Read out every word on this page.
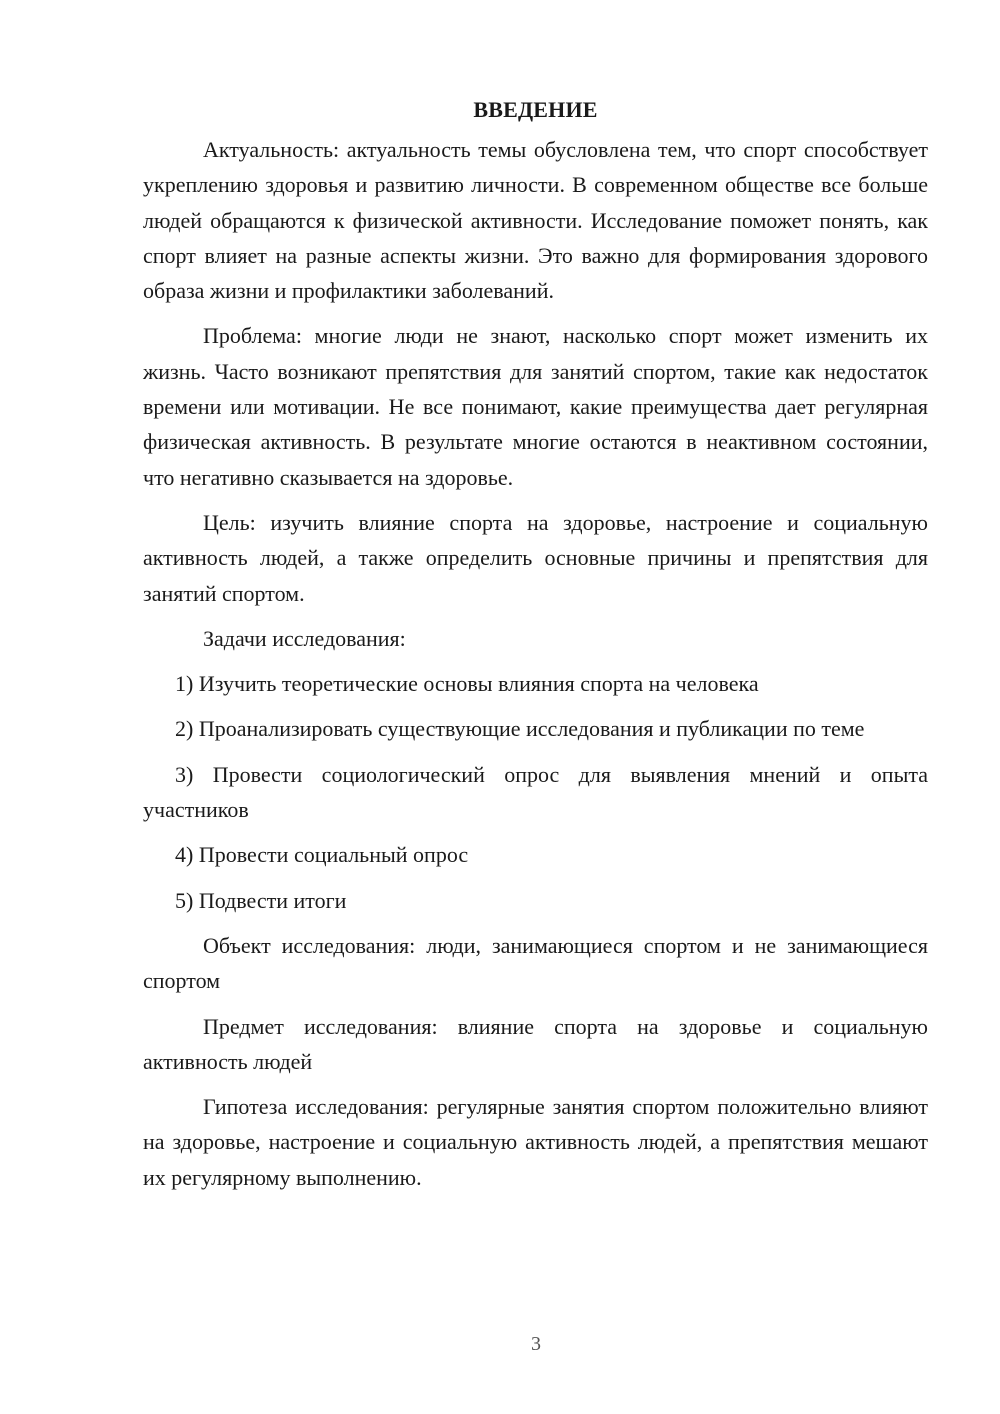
ВВЕДЕНИЕ

Актуальность: актуальность темы обусловлена тем, что спорт способствует укреплению здоровья и развитию личности. В современном обществе все больше людей обращаются к физической активности. Исследование поможет понять, как спорт влияет на разные аспекты жизни. Это важно для формирования здорового образа жизни и профилактики заболеваний.

Проблема: многие люди не знают, насколько спорт может изменить их жизнь. Часто возникают препятствия для занятий спортом, такие как недостаток времени или мотивации. Не все понимают, какие преимущества дает регулярная физическая активность. В результате многие остаются в неактивном состоянии, что негативно сказывается на здоровье.

Цель: изучить влияние спорта на здоровье, настроение и социальную активность людей, а также определить основные причины и препятствия для занятий спортом.

Задачи исследования:

1) Изучить теоретические основы влияния спорта на человека

2) Проанализировать существующие исследования и публикации по теме

3) Провести социологический опрос для выявления мнений и опыта участников

4) Провести социальный опрос

5) Подвести итоги

Объект исследования: люди, занимающиеся спортом и не занимающиеся спортом

Предмет исследования: влияние спорта на здоровье и социальную активность людей

Гипотеза исследования: регулярные занятия спортом положительно влияют на здоровье, настроение и социальную активность людей, а препятствия мешают их регулярному выполнению.

3
